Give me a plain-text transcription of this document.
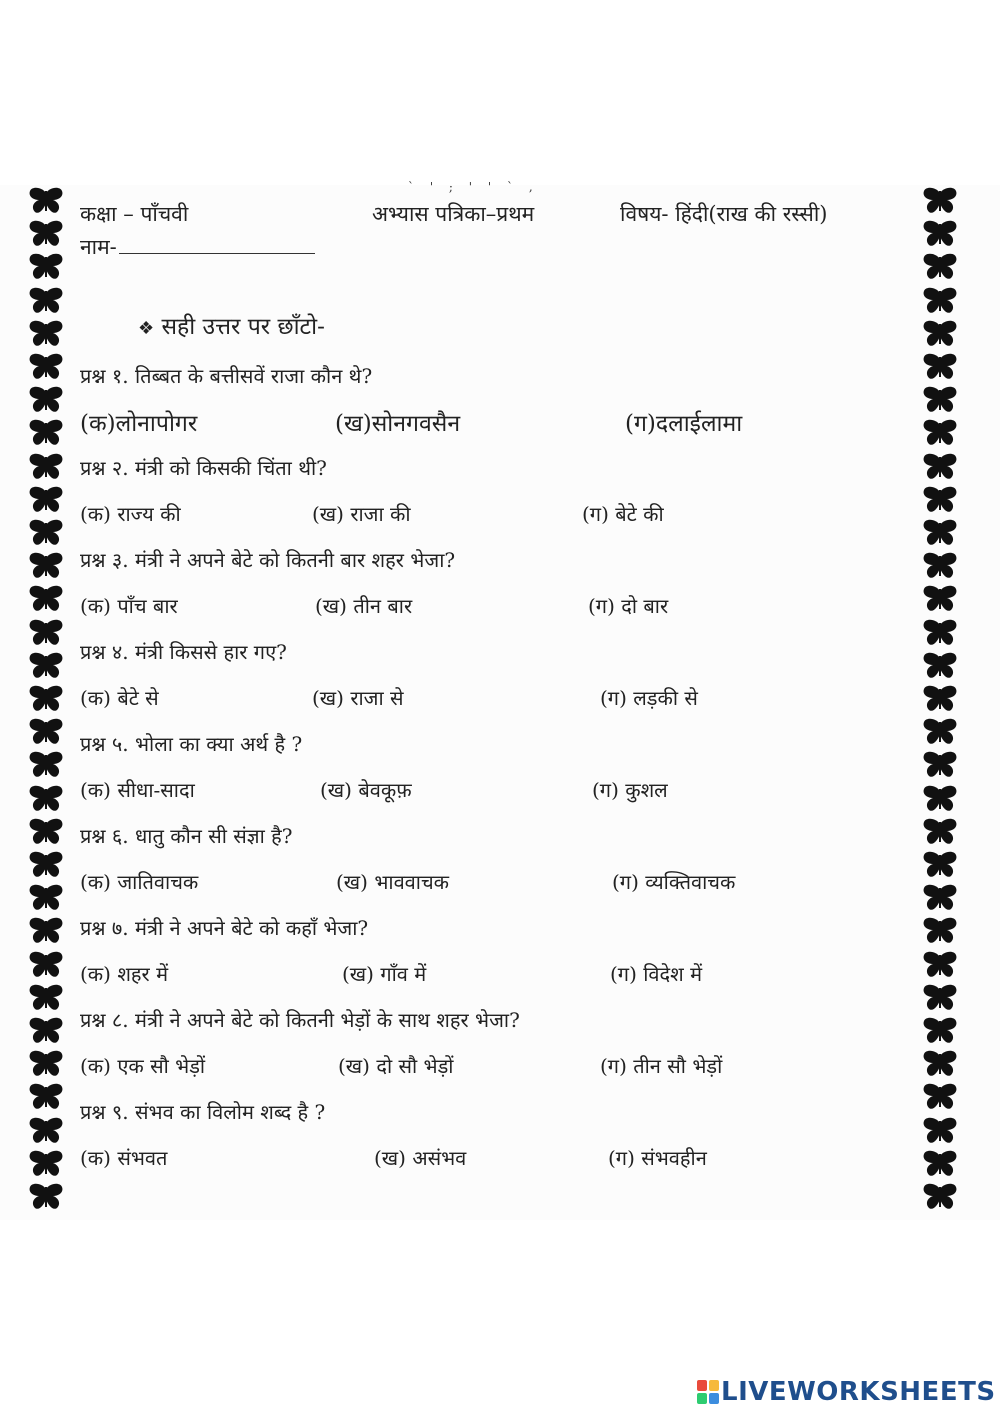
` ' ; ' ' ` ,
कक्षा – पाँचवी	अभ्यास पत्रिका–प्रथम	विषय- हिंदी(राख की रस्सी)
नाम-
❖ सही उत्तर पर छाँटो-
प्रश्न १. तिब्बत के बत्तीसवें राजा कौन थे?
(क)लोनापोगर	(ख)सोनगवसैन	(ग)दलाईलामा
प्रश्न २. मंत्री को किसकी चिंता थी?
(क) राज्य की	(ख) राजा की	(ग) बेटे की
प्रश्न ३. मंत्री ने अपने बेटे को कितनी बार शहर भेजा?
(क) पाँच बार	(ख) तीन बार	(ग) दो बार
प्रश्न ४. मंत्री किससे हार गए?
(क) बेटे से	(ख) राजा से	(ग) लड़की से
प्रश्न ५. भोला का क्या अर्थ है ?
(क) सीधा-सादा	(ख) बेवकूफ़	(ग) कुशल
प्रश्न ६. धातु कौन सी संज्ञा है?
(क) जातिवाचक	(ख) भाववाचक	(ग) व्यक्तिवाचक
प्रश्न ७. मंत्री ने अपने बेटे को कहाँ भेजा?
(क) शहर में	(ख) गाँव में	(ग) विदेश में
प्रश्न ८. मंत्री ने अपने बेटे को कितनी भेड़ों के साथ शहर भेजा?
(क) एक सौ भेड़ों	(ख) दो सौ भेड़ों	(ग) तीन सौ भेड़ों
प्रश्न ९. संभव का विलोम शब्द है ?
(क) संभवत	(ख) असंभव	(ग) संभवहीन
LIVEWORKSHEETS
